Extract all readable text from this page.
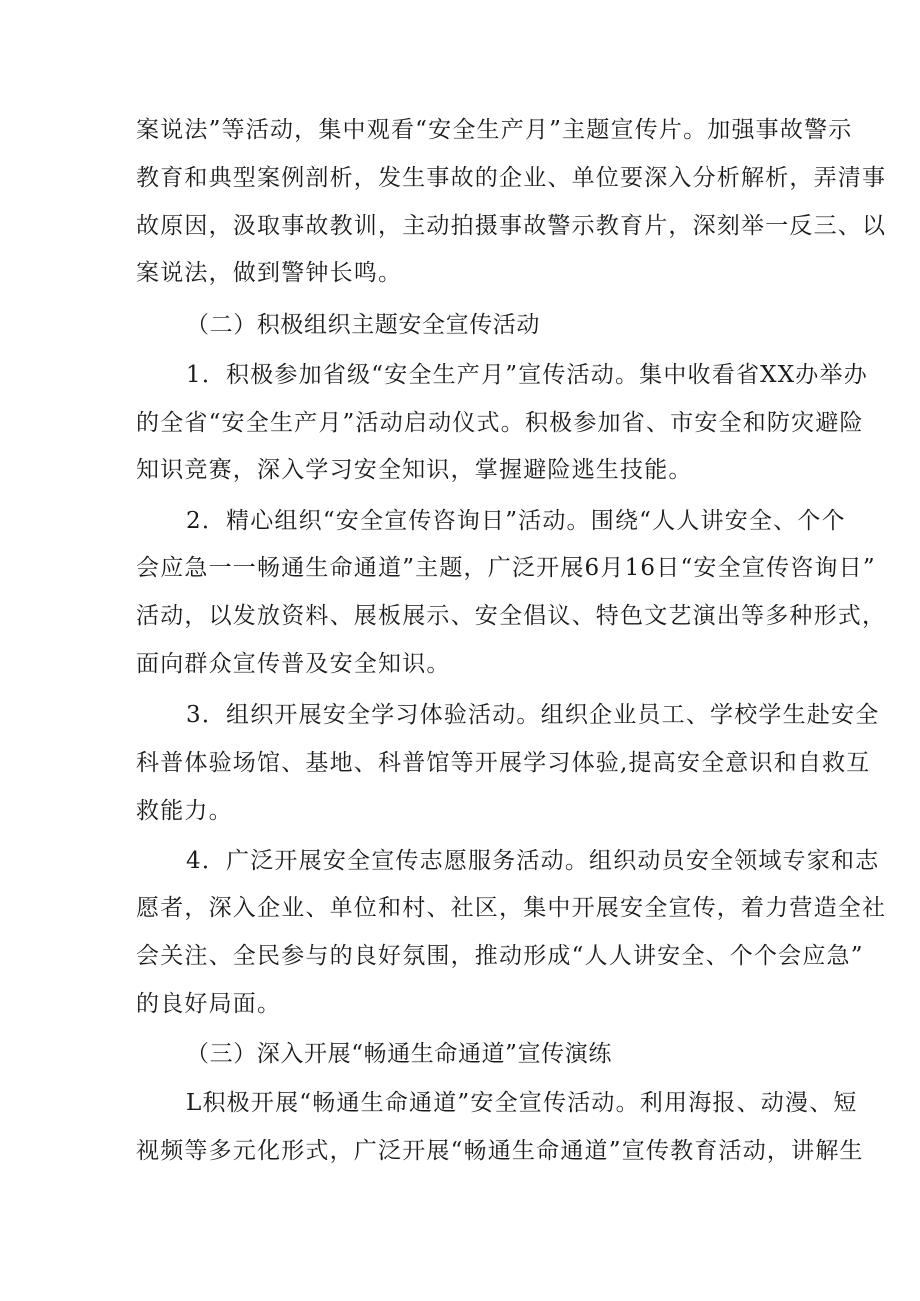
案说法”等活动，集中观看“安全生产月”主题宣传片。加强事故警示
教育和典型案例剖析，发生事故的企业、单位要深入分析解析，弄清事
故原因，汲取事故教训，主动拍摄事故警示教育片，深刻举一反三、以
案说法，做到警钟长鸣。
（二）积极组织主题安全宣传活动
1．积极参加省级“安全生产月”宣传活动。集中收看省XX办举办
的全省“安全生产月”活动启动仪式。积极参加省、市安全和防灾避险
知识竞赛，深入学习安全知识，掌握避险逃生技能。
2．精心组织“安全宣传咨询日”活动。围绕“人人讲安全、个个
会应急一一畅通生命通道”主题，广泛开展6月16日“安全宣传咨询日”
活动，以发放资料、展板展示、安全倡议、特色文艺演出等多种形式，
面向群众宣传普及安全知识。
3．组织开展安全学习体验活动。组织企业员工、学校学生赴安全
科普体验场馆、基地、科普馆等开展学习体验,提高安全意识和自救互
救能力。
4．广泛开展安全宣传志愿服务活动。组织动员安全领域专家和志
愿者，深入企业、单位和村、社区，集中开展安全宣传，着力营造全社
会关注、全民参与的良好氛围，推动形成“人人讲安全、个个会应急”
的良好局面。
（三）深入开展“畅通生命通道”宣传演练
L积极开展“畅通生命通道”安全宣传活动。利用海报、动漫、短
视频等多元化形式，广泛开展“畅通生命通道”宣传教育活动，讲解生
